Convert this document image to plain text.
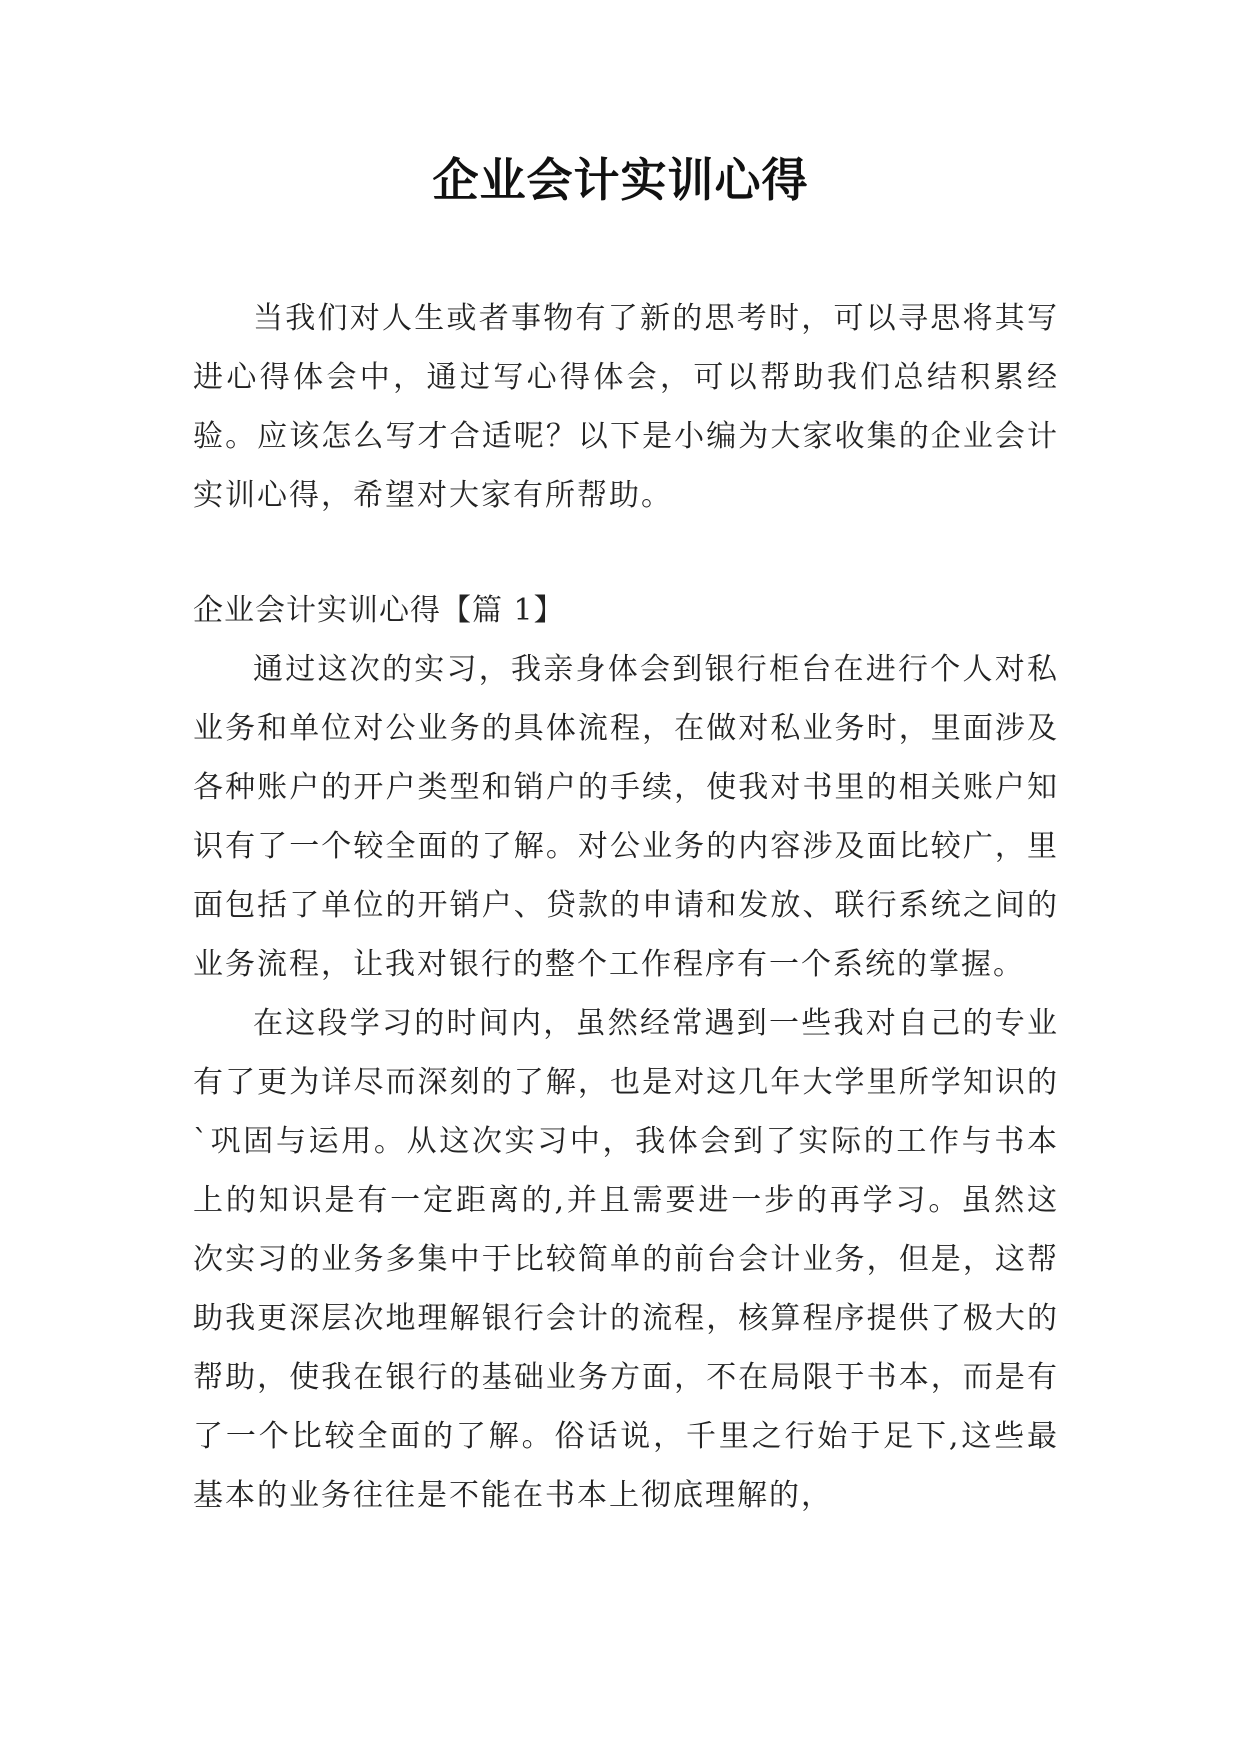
企业会计实训心得

当我们对人生或者事物有了新的思考时，可以寻思将其写进心得体会中，通过写心得体会，可以帮助我们总结积累经验。应该怎么写才合适呢？以下是小编为大家收集的企业会计实训心得，希望对大家有所帮助。

企业会计实训心得【篇 1】

通过这次的实习，我亲身体会到银行柜台在进行个人对私业务和单位对公业务的具体流程，在做对私业务时，里面涉及各种账户的开户类型和销户的手续，使我对书里的相关账户知识有了一个较全面的了解。对公业务的内容涉及面比较广，里面包括了单位的开销户、贷款的申请和发放、联行系统之间的业务流程，让我对银行的整个工作程序有一个系统的掌握。

在这段学习的时间内，虽然经常遇到一些我对自己的专业有了更为详尽而深刻的了解，也是对这几年大学里所学知识的`巩固与运用。从这次实习中，我体会到了实际的工作与书本上的知识是有一定距离的,并且需要进一步的再学习。虽然这次实习的业务多集中于比较简单的前台会计业务，但是，这帮助我更深层次地理解银行会计的流程，核算程序提供了极大的帮助，使我在银行的基础业务方面，不在局限于书本，而是有了一个比较全面的了解。俗话说，千里之行始于足下,这些最基本的业务往往是不能在书本上彻底理解的，
